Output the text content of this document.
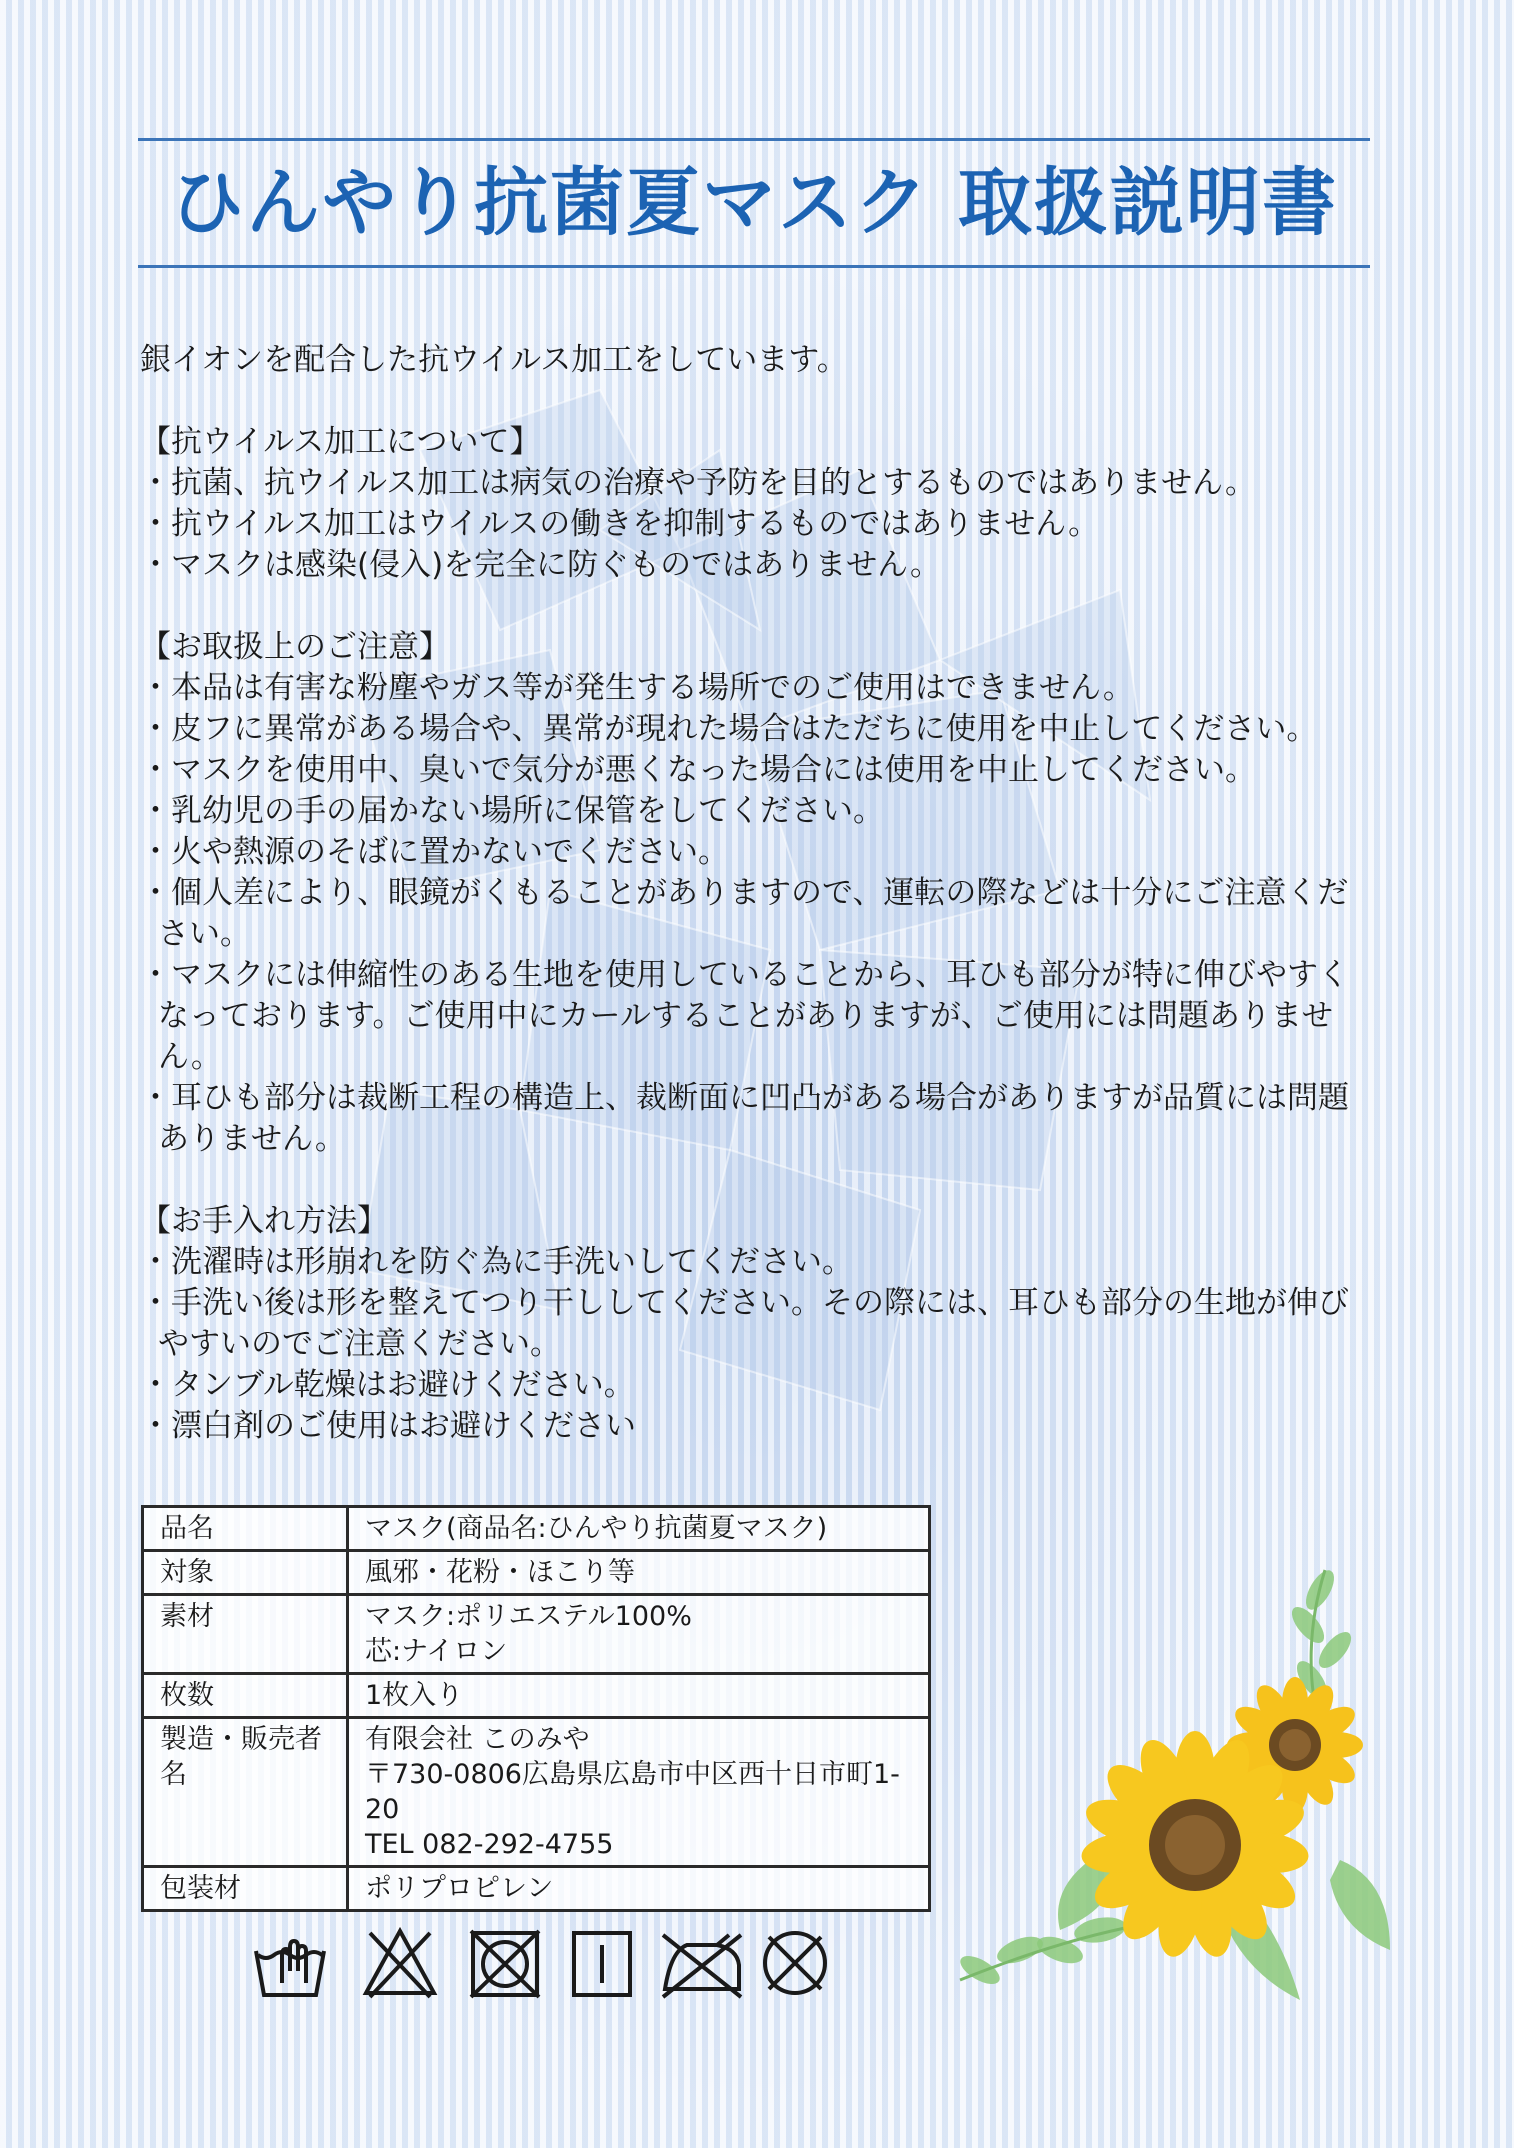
ひんやり抗菌夏マスク 取扱説明書

銀イオンを配合した抗ウイルス加工をしています。

【抗ウイルス加工について】

・抗菌、抗ウイルス加工は病気の治療や予防を目的とするものではありません。

・抗ウイルス加工はウイルスの働きを抑制するものではありません。

・マスクは感染(侵入)を完全に防ぐものではありません。

【お取扱上のご注意】

・本品は有害な粉塵やガス等が発生する場所でのご使用はできません。

・皮フに異常がある場合や、異常が現れた場合はただちに使用を中止してください。

・マスクを使用中、臭いで気分が悪くなった場合には使用を中止してください。

・乳幼児の手の届かない場所に保管をしてください。

・火や熱源のそばに置かないでください。

・個人差により、眼鏡がくもることがありますので、運転の際などは十分にご注意ください。

・マスクには伸縮性のある生地を使用していることから、耳ひも部分が特に伸びやすくなっております。ご使用中にカールすることがありますが、ご使用には問題ありません。

・耳ひも部分は裁断工程の構造上、裁断面に凹凸がある場合がありますが品質には問題ありません。

【お手入れ方法】

・洗濯時は形崩れを防ぐ為に手洗いしてください。

・手洗い後は形を整えてつり干ししてください。その際には、耳ひも部分の生地が伸びやすいのでご注意ください。

・タンブル乾燥はお避けください。

・漂白剤のご使用はお避けください

品名	マスク(商品名:ひんやり抗菌夏マスク)

対象	風邪・花粉・ほこり等

素材	マスク:ポリエステル100%
芯:ナイロン

枚数	1枚入り

製造・販売者名	有限会社 このみや
〒730-0806広島県広島市中区西十日市町1-20
TEL 082-292-4755

包装材	ポリプロピレン
